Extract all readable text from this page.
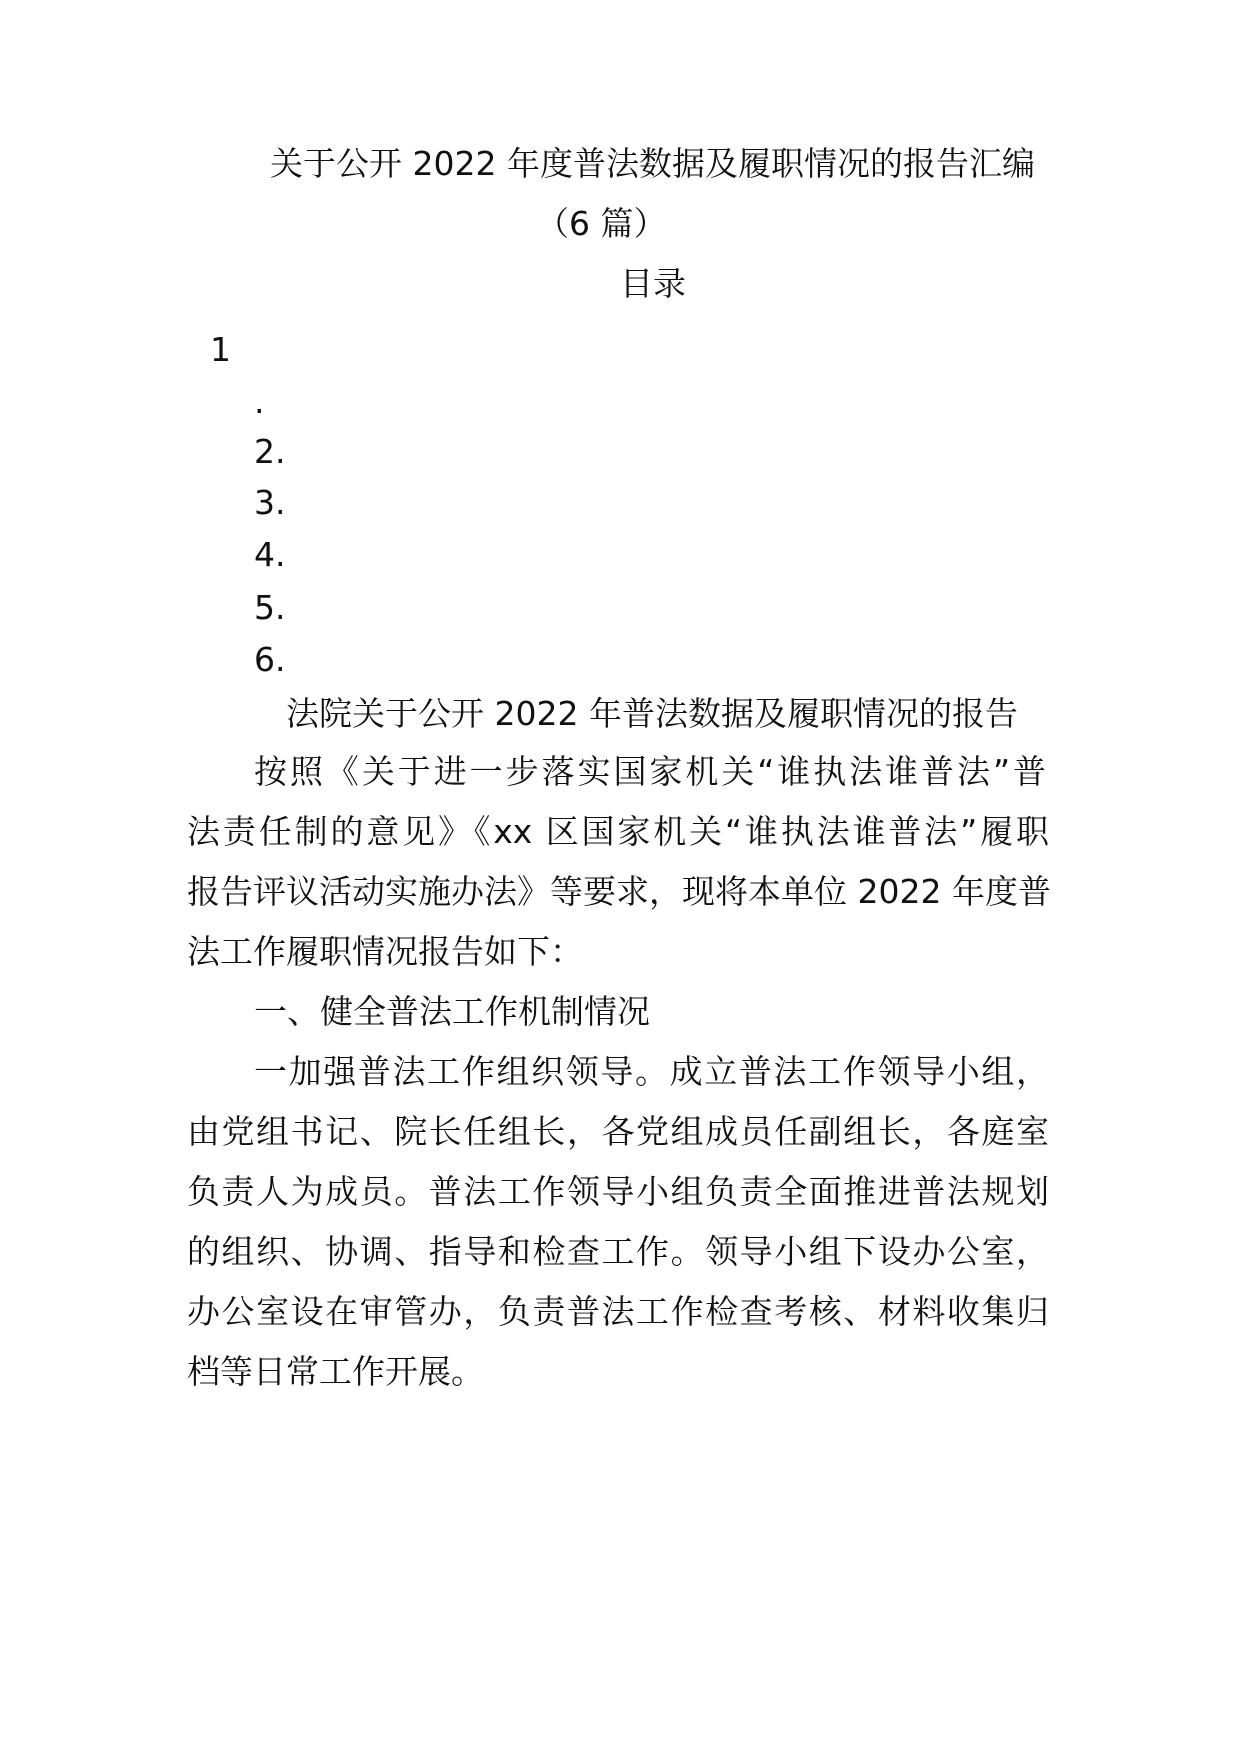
关于公开 2022 年度普法数据及履职情况的报告汇编
（6 篇）
目录
1
.
2.
3.
4.
5.
6.
法院关于公开 2022 年普法数据及履职情况的报告
按照《关于进一步落实国家机关“谁执法谁普法”普
法责任制的意见》《xx 区国家机关“谁执法谁普法”履职
报告评议活动实施办法》等要求，现将本单位 2022 年度普
法工作履职情况报告如下：
一、健全普法工作机制情况
一加强普法工作组织领导。成立普法工作领导小组，
由党组书记、院长任组长，各党组成员任副组长，各庭室
负责人为成员。普法工作领导小组负责全面推进普法规划
的组织、协调、指导和检查工作。领导小组下设办公室，
办公室设在审管办，负责普法工作检查考核、材料收集归
档等日常工作开展。
